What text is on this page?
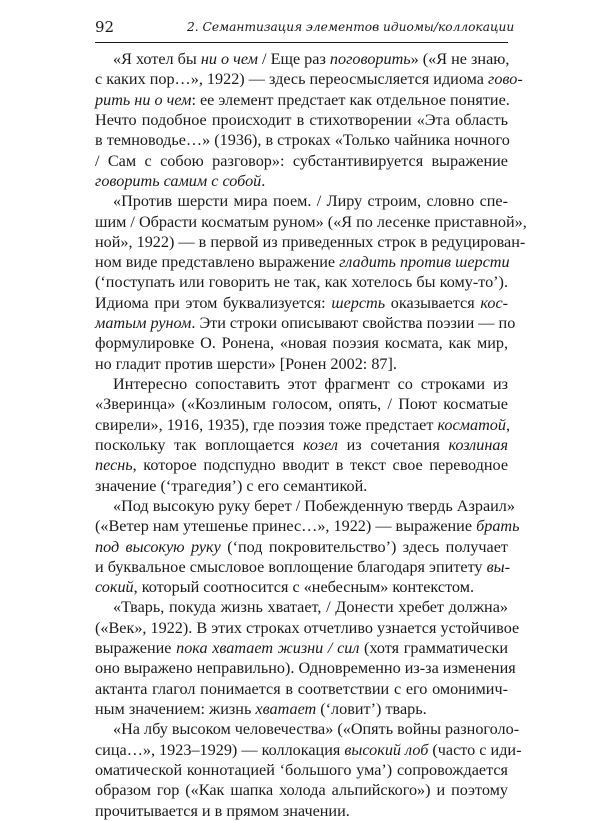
92	2. Семантизация элементов идиомы/коллокации
«Я хотел бы ни о чем / Еще раз поговорить» («Я не знаю,
с каких пор…», 1922) — здесь переосмысляется идиома гово-
рить ни о чем: ее элемент предстает как отдельное понятие.
Нечто подобное происходит в стихотворении «Эта область
в темноводье…» (1936), в строках «Только чайника ночного
/ Сам с собою разговор»: субстантивируется выражение
говорить самим с собой.
«Против шерсти мира поем. / Лиру строим, словно спе-
шим / Обрасти косматым руном» («Я по лесенке приставной»,
ной», 1922) — в первой из приведенных строк в редуцирован-
ном виде представлено выражение гладить против шерсти
(‘поступать или говорить не так, как хотелось бы кому-то’).
Идиома при этом буквализуется: шерсть оказывается кос-
матым руном. Эти строки описывают свойства поэзии — по
формулировке О. Ронена, «новая поэзия косматa, как мир,
но гладит против шерсти» [Ронен 2002: 87].
Интересно сопоставить этот фрагмент со строками из
«Зверинца» («Козлиным голосом, опять, / Поют косматые
свирели», 1916, 1935), где поэзия тоже предстает косматой,
поскольку так воплощается козел из сочетания козлиная
песнь, которое подспудно вводит в текст свое переводное
значение (‘трагедия’) с его семантикой.
«Под высокую руку берет / Побежденную твердь Азраил»
(«Ветер нам утешенье принес…», 1922) — выражение брать
под высокую руку (‘под покровительство’) здесь получает
и буквальное смысловое воплощение благодаря эпитету вы-
сокий, который соотносится с «небесным» контекстом.
«Тварь, покуда жизнь хватает, / Донести хребет должна»
(«Век», 1922). В этих строках отчетливо узнается устойчивое
выражение пока хватает жизни / сил (хотя грамматически
оно выражено неправильно). Одновременно из-за изменения
актанта глагол понимается в соответствии с его омонимич-
ным значением: жизнь хватает (‘ловит’) тварь.
«На лбу высоком человечества» («Опять войны разноголо-
сица…», 1923–1929) — коллокация высокий лоб (часто с иди-
оматической коннотацией ‘большого ума’) сопровождается
образом гор («Как шапка холода альпийского») и поэтому
прочитывается и в прямом значении.
